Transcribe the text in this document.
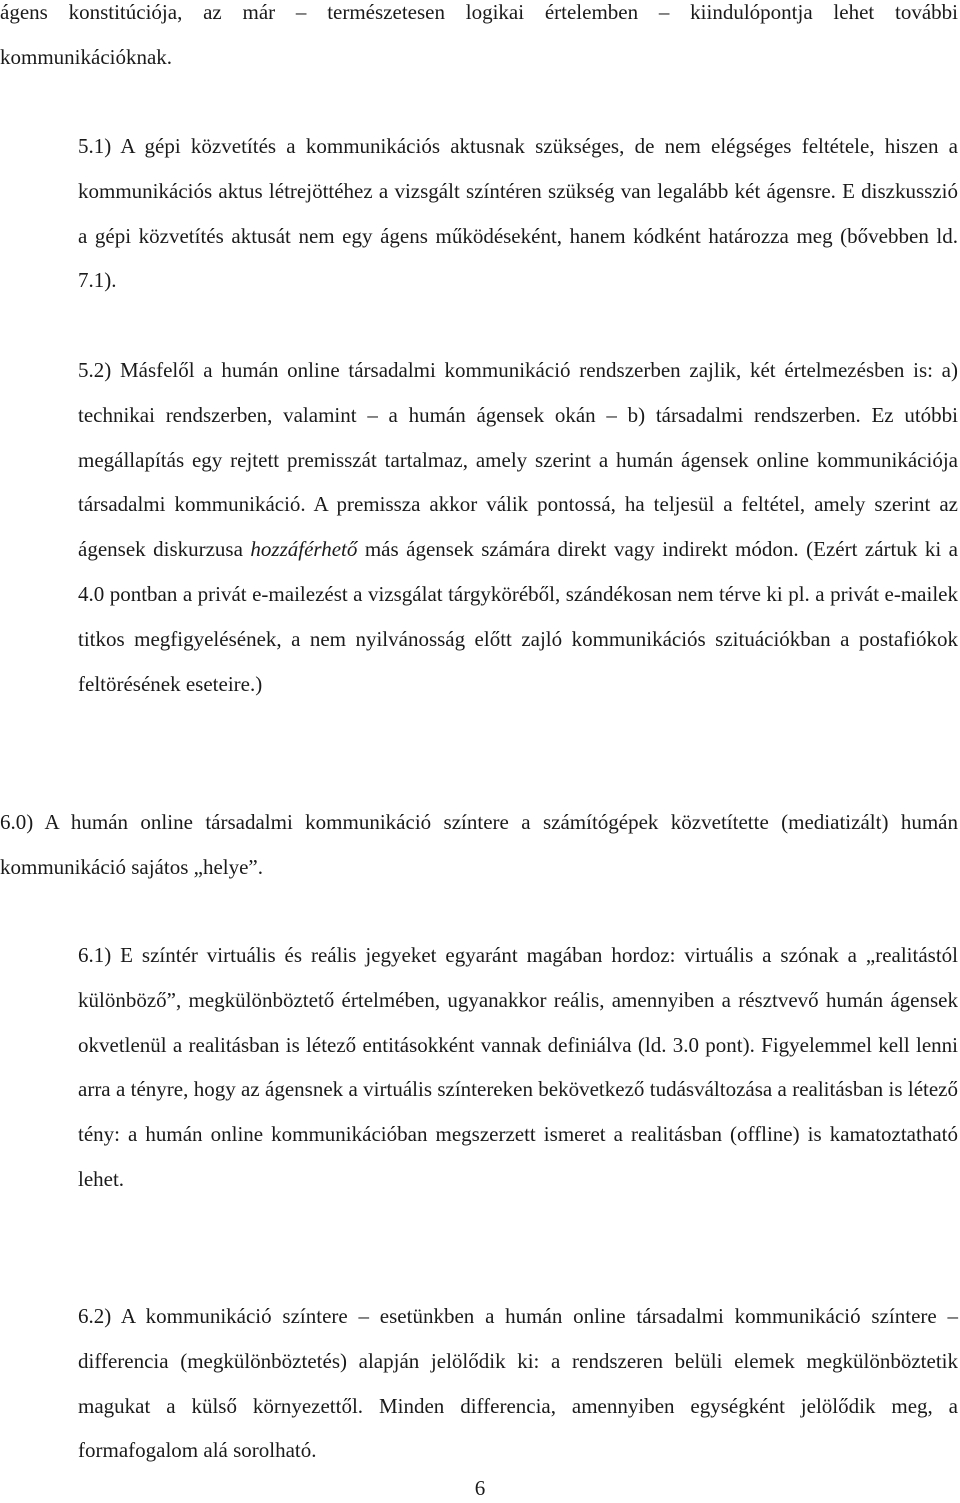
ágens konstitúciója, az már – természetesen logikai értelemben – kiindulópontja lehet további kommunikációknak.

5.1) A gépi közvetítés a kommunikációs aktusnak szükséges, de nem elégséges feltétele, hiszen a kommunikációs aktus létrejöttéhez a vizsgált színtéren szükség van legalább két ágensre. E diszkusszió a gépi közvetítés aktusát nem egy ágens működéseként, hanem kódként határozza meg (bővebben ld. 7.1).

5.2) Másfelől a humán online társadalmi kommunikáció rendszerben zajlik, két értelmezésben is: a) technikai rendszerben, valamint – a humán ágensek okán – b) társadalmi rendszerben. Ez utóbbi megállapítás egy rejtett premisszát tartalmaz, amely szerint a humán ágensek online kommunikációja társadalmi kommunikáció. A premissza akkor válik pontossá, ha teljesül a feltétel, amely szerint az ágensek diskurzusa hozzáférhető más ágensek számára direkt vagy indirekt módon. (Ezért zártuk ki a 4.0 pontban a privát e-mailezést a vizsgálat tárgyköréből, szándékosan nem térve ki pl. a privát e-mailek titkos megfigyelésének, a nem nyilvánosság előtt zajló kommunikációs szituációkban a postafiókok feltörésének eseteire.)

6.0) A humán online társadalmi kommunikáció színtere a számítógépek közvetítette (mediatizált) humán kommunikáció sajátos „helye”.

6.1) E színtér virtuális és reális jegyeket egyaránt magában hordoz: virtuális a szónak a „realitástól különböző”, megkülönböztető értelmében, ugyanakkor reális, amennyiben a résztvevő humán ágensek okvetlenül a realitásban is létező entitásokként vannak definiálva (ld. 3.0 pont). Figyelemmel kell lenni arra a tényre, hogy az ágensnek a virtuális színtereken bekövetkező tudásváltozása a realitásban is létező tény: a humán online kommunikációban megszerzett ismeret a realitásban (offline) is kamatoztatható lehet.

6.2) A kommunikáció színtere – esetünkben a humán online társadalmi kommunikáció színtere – differencia (megkülönböztetés) alapján jelölődik ki: a rendszeren belüli elemek megkülönböztetik magukat a külső környezettől. Minden differencia, amennyiben egységként jelölődik meg, a formafogalom alá sorolható.

6
